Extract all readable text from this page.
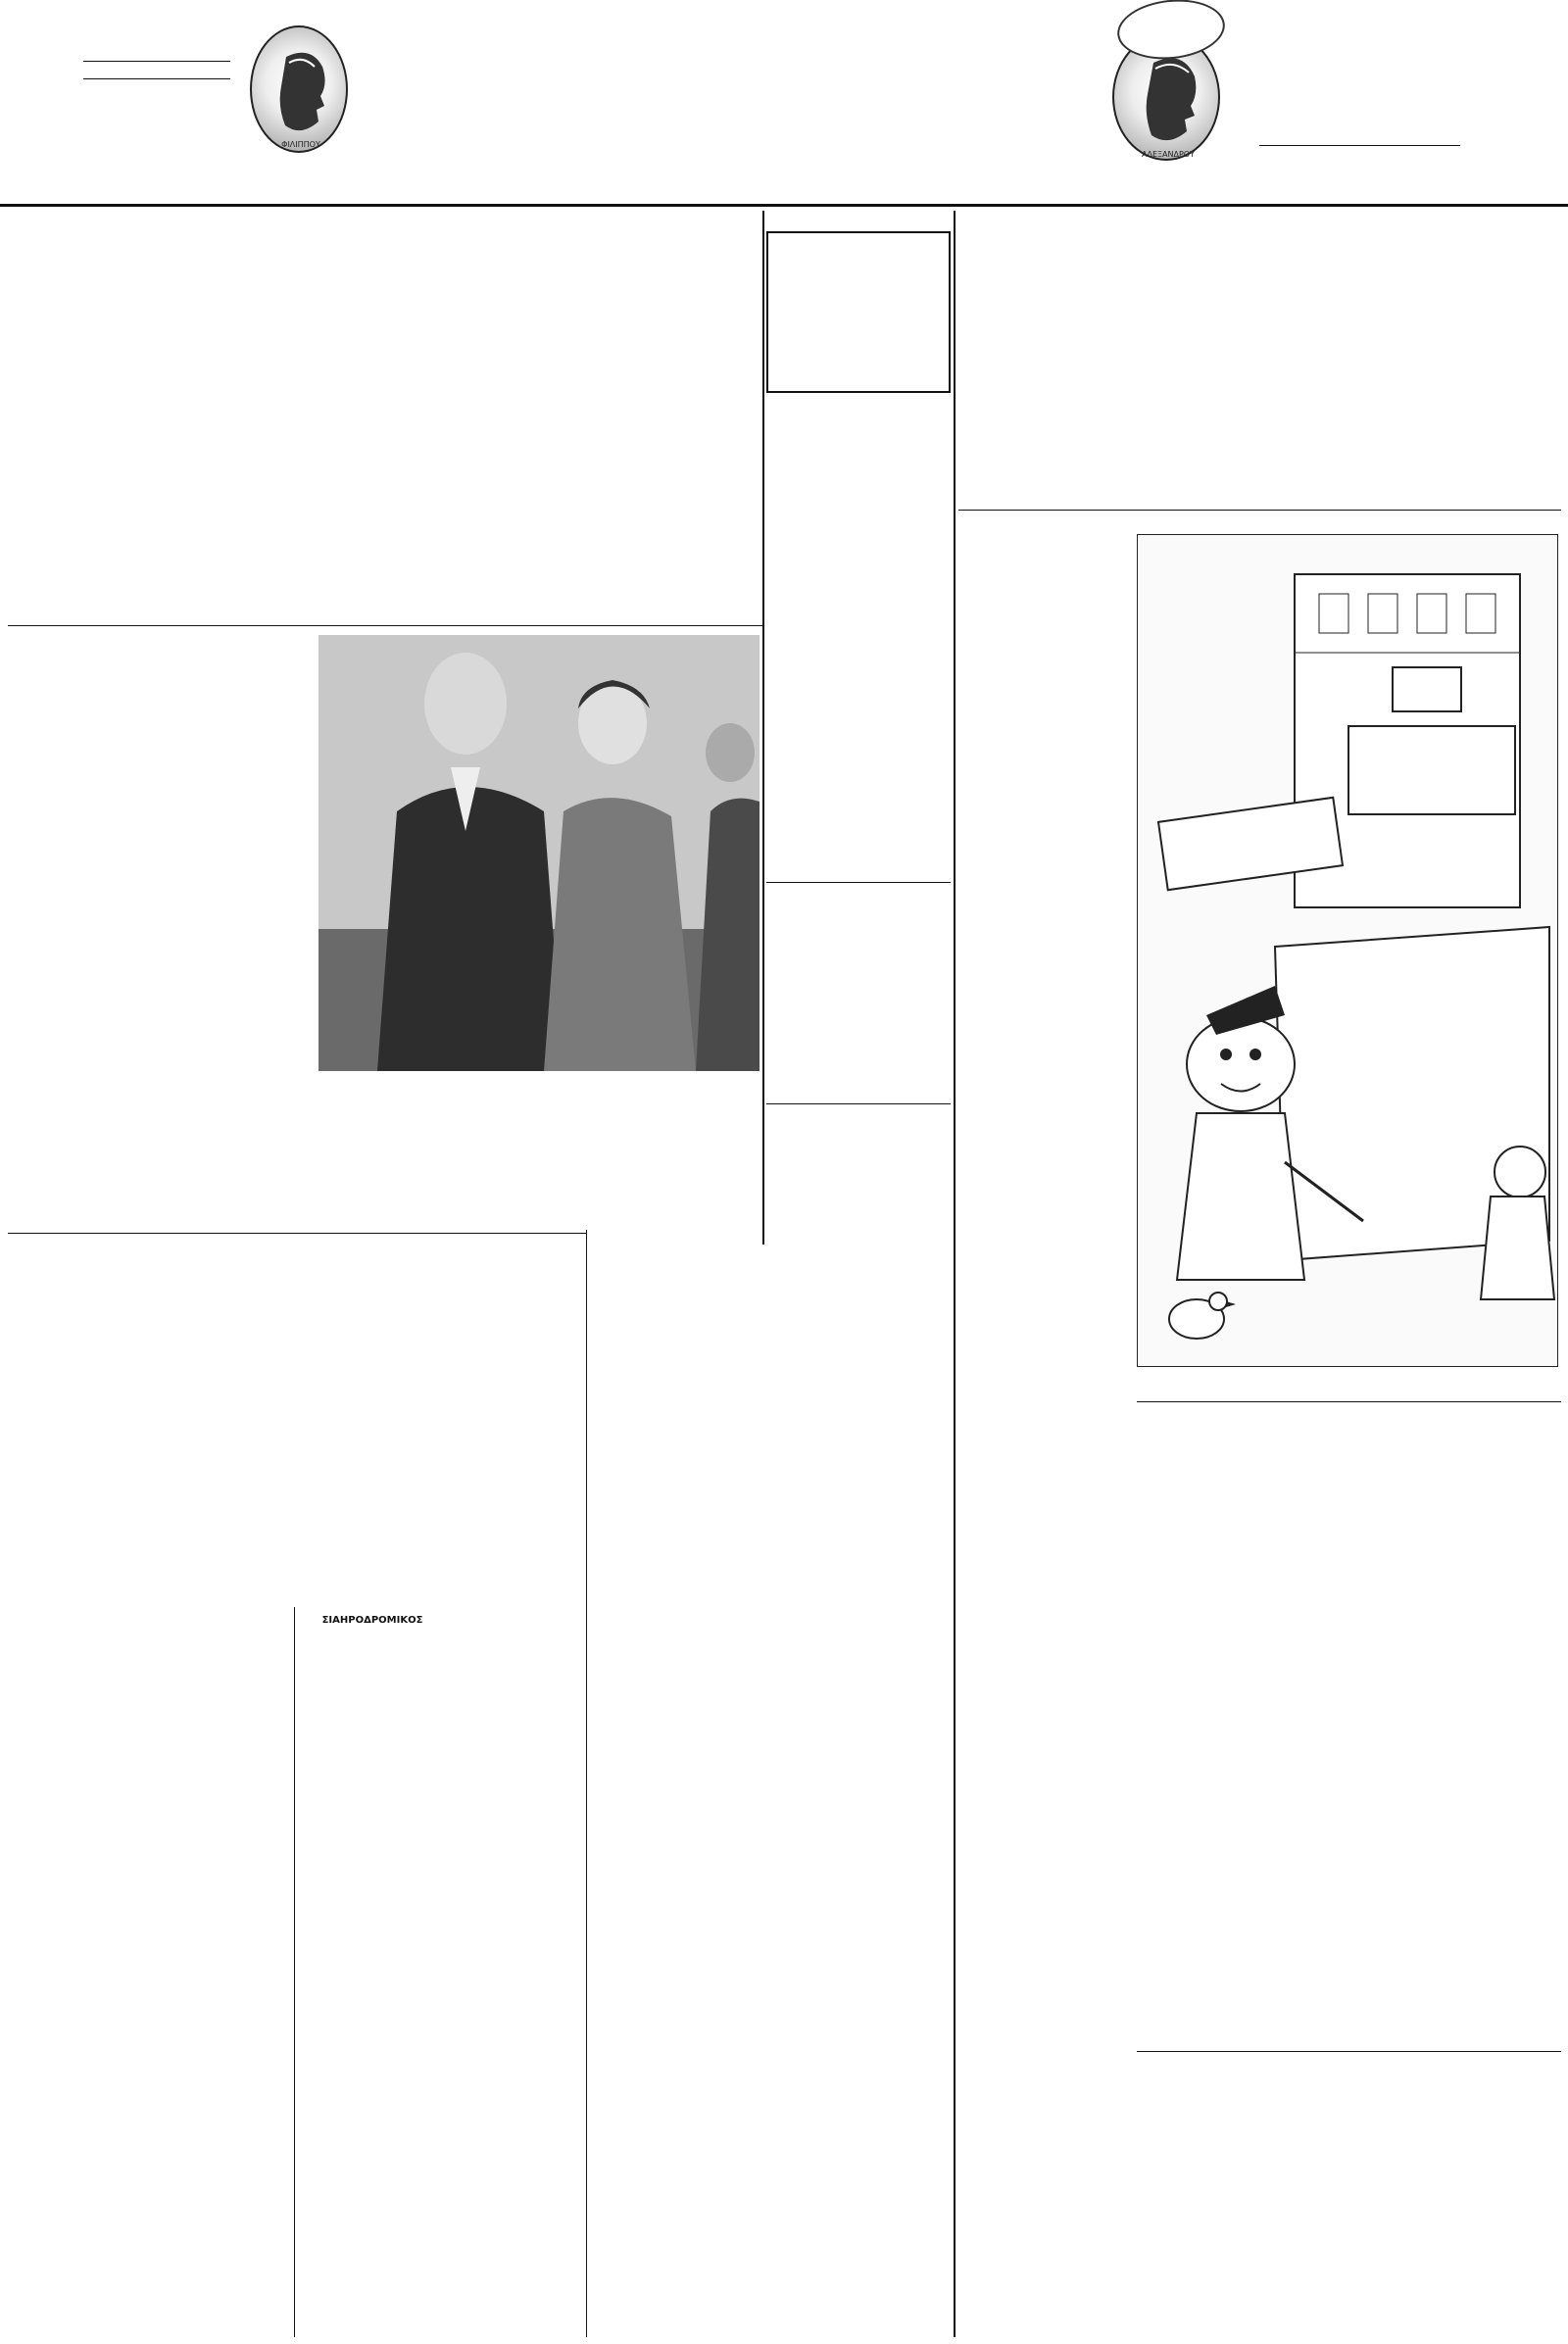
ΦΙΛΙΠΠΟΥ
ΑΛΕΞΑΝΔΡΟΥ
ΣΙΑΗΡΟΔΡΟΜΙΚΟΣ
